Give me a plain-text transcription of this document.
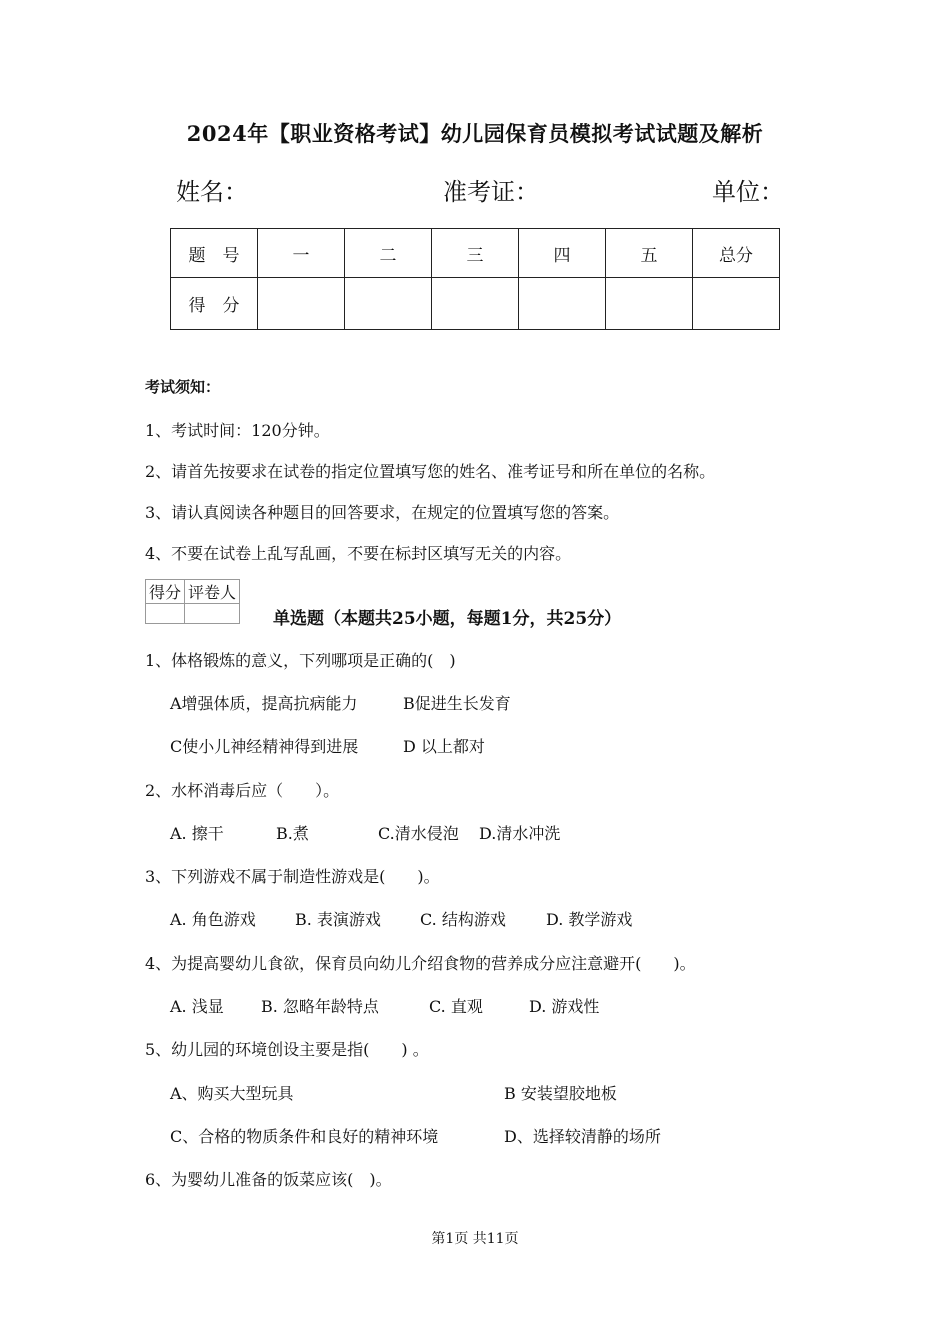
2024年【职业资格考试】幼儿园保育员模拟考试试题及解析
姓名：	准考证：	单位：
题　号	一	二	三	四	五	总分
得　分						
考试须知：
1、考试时间：120分钟。
2、请首先按要求在试卷的指定位置填写您的姓名、准考证号和所在单位的名称。
3、请认真阅读各种题目的回答要求，在规定的位置填写您的答案。
4、不要在试卷上乱写乱画，不要在标封区填写无关的内容。
得分	评卷人

单选题（本题共25小题，每题1分，共25分）
1、体格锻炼的意义，下列哪项是正确的(　)
A增强体质，提高抗病能力	B促进生长发育
C使小儿神经精神得到进展	D 以上都对
2、水杯消毒后应（　　）。
A. 擦干	B.煮	C.清水侵泡 D.清水冲洗
3、下列游戏不属于制造性游戏是(　　)。
A. 角色游戏 B. 表演游戏 C. 结构游戏	D. 教学游戏
4、为提高婴幼儿食欲，保育员向幼儿介绍食物的营养成分应注意避开(　　)。
A. 浅显 B. 忽略年龄特点	C. 直观	D. 游戏性
5、幼儿园的环境创设主要是指(　　) 。
A、购买大型玩具	B 安装望胶地板
C、合格的物质条件和良好的精神环境	D、选择较清静的场所
6、为婴幼儿准备的饭菜应该(　)。
第1页 共11页
